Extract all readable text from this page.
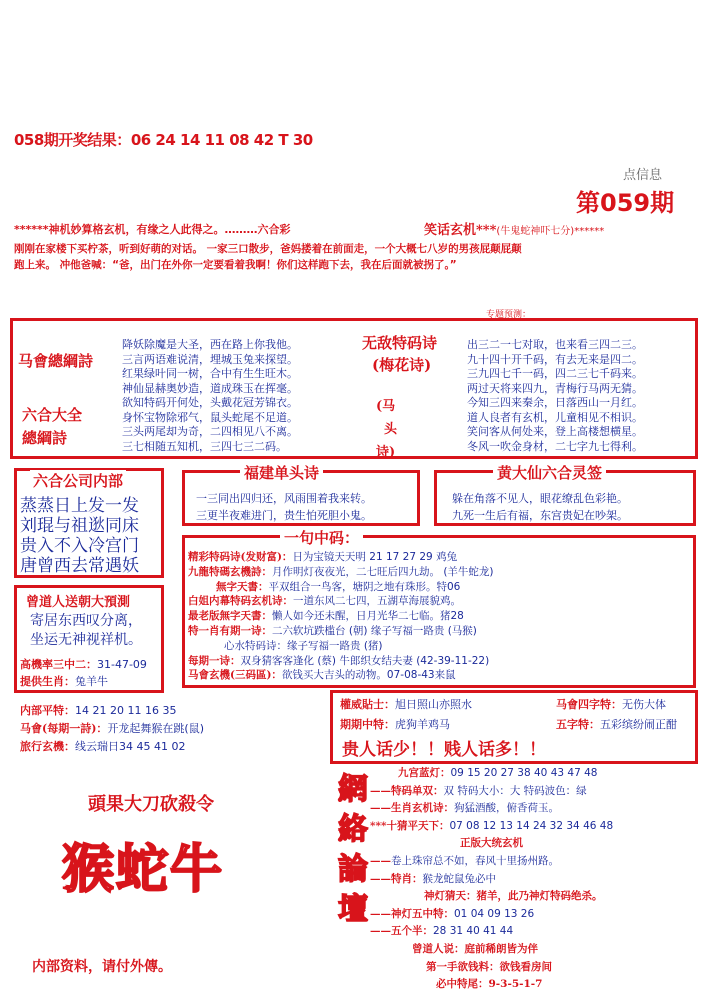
058期开奖结果：06 24 14 11 08 42 T 30
点信息
第059期
******神机妙算格玄机，有缘之人此得之。………六合彩	笑话玄机***(牛鬼蛇神吓七分)******
刚刚在家楼下买柠茶，听到好萌的对话。 一家三口散步，爸妈搂着在前面走，一个大概七八岁的男孩屁颠屁颠
跑上来。 冲他爸喊：“爸，出门在外你一定要看着我啊！你们这样跑下去，我在后面就被拐了。”
专题预测：
马會總綱詩
六合大全
總綱詩
降妖除魔是大圣，西在路上你我他。
三言两语难说清，埋城玉兔来探望。
红果绿叶同一树，合中有生生旺木。
神仙显赫奥妙造，道成珠玉在挥毫。
欲知特码开何处，头戴花冠芳锦衣。
身怀宝物除邪气，鼠头蛇尾不足道。
三头两尾却为奇，二四相见八不离。
三七相随五知机，三四七三二码。
无敌特码诗
(梅花诗)
(马
头
诗)
出三二一七对取，也来看三四二三。
九十四十开千码，有去无来是四二。
三九四七千一码，四二三七千码来。
两过天将来四九，青梅行马两无猜。
今知三四来秦余，日落西山一月红。
道人良者有玄机，儿童相见不相识。
笑问客从何处来，登上高楼想横星。
冬风一吹金身材，二七字九七得利。
六合公司内部
蒸蒸日上发一发
刘琨与祖逖同床
贵入不入冷宫门
唐曾西去常遇妖
福建单头诗
一三同出四归还，风雨围着我来转。
三更半夜难进门，贵生怕死胆小鬼。
黄大仙六合灵签
躲在角落不见人，眼花缭乱色彩艳。
九死一生后有福，东宫贵妃在吵架。
曾道人送朝大預測
寄居东西叹分离，
坐运无神视祥机。
高機率三中二：31-47-09
提供生肖：兔羊牛
一句中码：
精彩特码诗(发财富)：日为宝镜天天明 21 17 27 29 鸡兔
九龍特碼玄機詩：月作明灯夜夜光，二七旺后四九劫。 (羊牛蛇龙)
無字天書：平双组合一鸟客，塘阴之地有珠形。特06
白姐内幕特码玄机诗：一道东风二七四，五湖草海展貌鸡。
最老版無字天書：懒人如今还未醒，日月光华二七临。猪28
特一肖有期一诗：二六软坑跌槛台 (朝) 缘子写福一路贵 (马猴)
心水特码诗：缘子写福一路贵 (猪)
每期一诗：双身猜客客逢化 (蔡) 牛郎织女结夫妻 (42-39-11-22)
马會玄機(三码區)：欲钱买大吉头的动物。07-08-43来鼠
内部平特：14 21 20 11 16 35
马會(每期一詩)：开龙起舞猴在跳(鼠)
旅行玄機：线云瑞日34 45 41 02
權威貼士：旭日照山亦照水
期期中特：虎狗羊鸡马
马會四字特：无伤大体
五字特：五彩缤纷闹正酣
贵人话少！！贱人话多！！
頭果大刀砍殺令
猴蛇牛
内部资料，请付外傳。
網
絡
論
壇
九宫蓝灯：09 15 20 27 38 40 43 47 48
——特码单双：双 特码大小：大 特码波色：绿
——生肖玄机诗：狗猛酒酸，俯香荷玉。
***十猜平天下：07 08 12 13 14 24 32 34 46 48
正版大统玄机
——卷上珠帘总不如，春风十里扬州路。
——特肖：猴龙蛇鼠兔必中
神灯猜天：猪羊，此乃神灯特码绝杀。
——神灯五中特：01 04 09 13 26
——五个半：28 31 40 41 44
曾道人说：庭前稀朗皆为伴
第一手欲钱料：欲钱看房间
必中特尾：9-3-5-1-7
